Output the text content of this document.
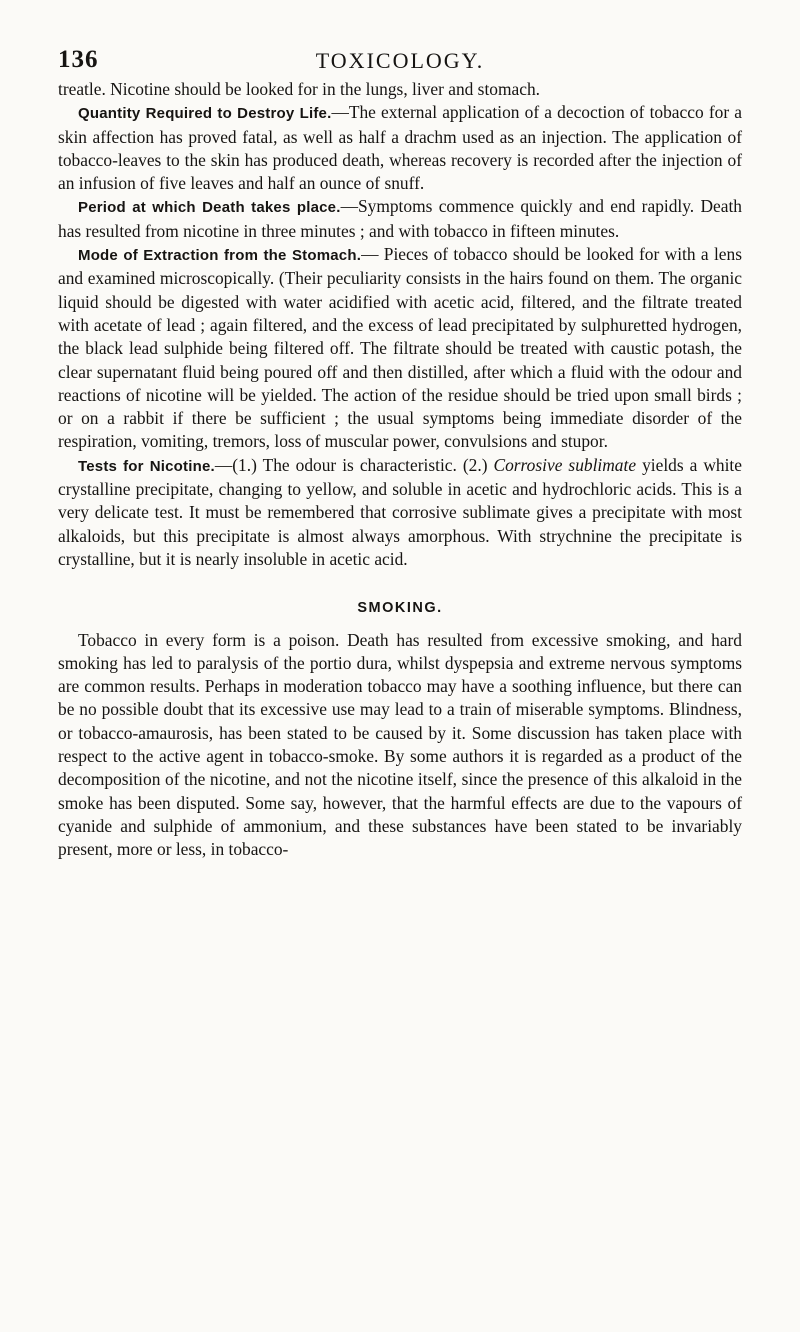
136	TOXICOLOGY.

treatle. Nicotine should be looked for in the lungs, liver and stomach.

Quantity Required to Destroy Life.—The external application of a decoction of tobacco for a skin affection has proved fatal, as well as half a drachm used as an injection. The application of tobacco-leaves to the skin has produced death, whereas recovery is recorded after the injection of an infusion of five leaves and half an ounce of snuff.

Period at which Death takes place.—Symptoms commence quickly and end rapidly. Death has resulted from nicotine in three minutes ; and with tobacco in fifteen minutes.

Mode of Extraction from the Stomach.— Pieces of tobacco should be looked for with a lens and examined microscopically. (Their peculiarity consists in the hairs found on them. The organic liquid should be digested with water acidified with acetic acid, filtered, and the filtrate treated with acetate of lead ; again filtered, and the excess of lead precipitated by sulphuretted hydrogen, the black lead sulphide being filtered off. The filtrate should be treated with caustic potash, the clear supernatant fluid being poured off and then distilled, after which a fluid with the odour and reactions of nicotine will be yielded. The action of the residue should be tried upon small birds ; or on a rabbit if there be sufficient ; the usual symptoms being immediate disorder of the respiration, vomiting, tremors, loss of muscular power, convulsions and stupor.

Tests for Nicotine.—(1.) The odour is characteristic. (2.) Corrosive sublimate yields a white crystalline precipitate, changing to yellow, and soluble in acetic and hydrochloric acids. This is a very delicate test. It must be remembered that corrosive sublimate gives a precipitate with most alkaloids, but this precipitate is almost always amorphous. With strychnine the precipitate is crystalline, but it is nearly insoluble in acetic acid.

SMOKING.

Tobacco in every form is a poison. Death has resulted from excessive smoking, and hard smoking has led to paralysis of the portio dura, whilst dyspepsia and extreme nervous symptoms are common results. Perhaps in moderation tobacco may have a soothing influence, but there can be no possible doubt that its excessive use may lead to a train of miserable symptoms. Blindness, or tobacco-amaurosis, has been stated to be caused by it. Some discussion has taken place with respect to the active agent in tobacco-smoke. By some authors it is regarded as a product of the decomposition of the nicotine, and not the nicotine itself, since the presence of this alkaloid in the smoke has been disputed. Some say, however, that the harmful effects are due to the vapours of cyanide and sulphide of ammonium, and these substances have been stated to be invariably present, more or less, in tobacco-
